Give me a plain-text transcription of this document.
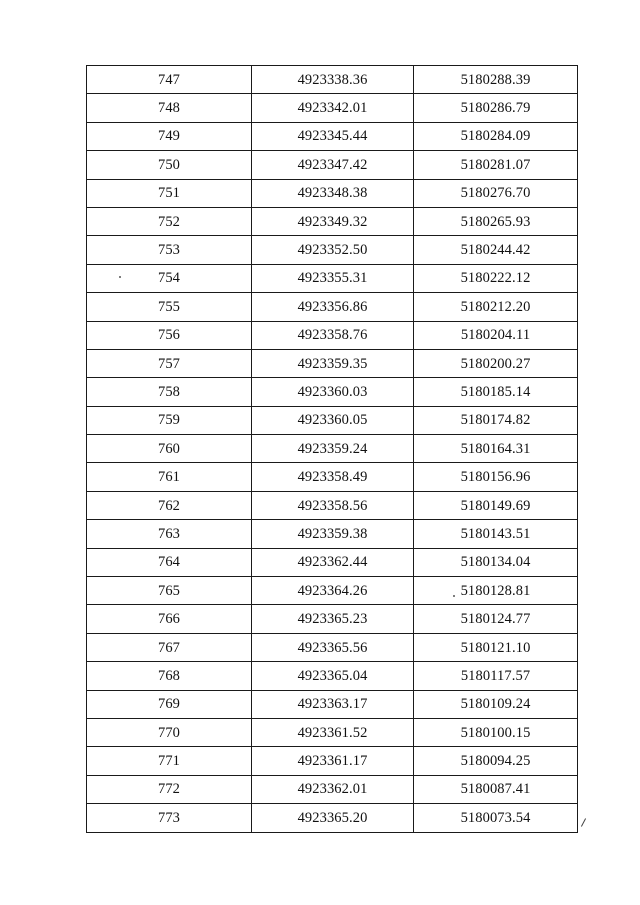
747	4923338.36	5180288.39
748	4923342.01	5180286.79
749	4923345.44	5180284.09
750	4923347.42	5180281.07
751	4923348.38	5180276.70
752	4923349.32	5180265.93
753	4923352.50	5180244.42
754	4923355.31	5180222.12
755	4923356.86	5180212.20
756	4923358.76	5180204.11
757	4923359.35	5180200.27
758	4923360.03	5180185.14
759	4923360.05	5180174.82
760	4923359.24	5180164.31
761	4923358.49	5180156.96
762	4923358.56	5180149.69
763	4923359.38	5180143.51
764	4923362.44	5180134.04
765	4923364.26	5180128.81
766	4923365.23	5180124.77
767	4923365.56	5180121.10
768	4923365.04	5180117.57
769	4923363.17	5180109.24
770	4923361.52	5180100.15
771	4923361.17	5180094.25
772	4923362.01	5180087.41
773	4923365.20	5180073.54
